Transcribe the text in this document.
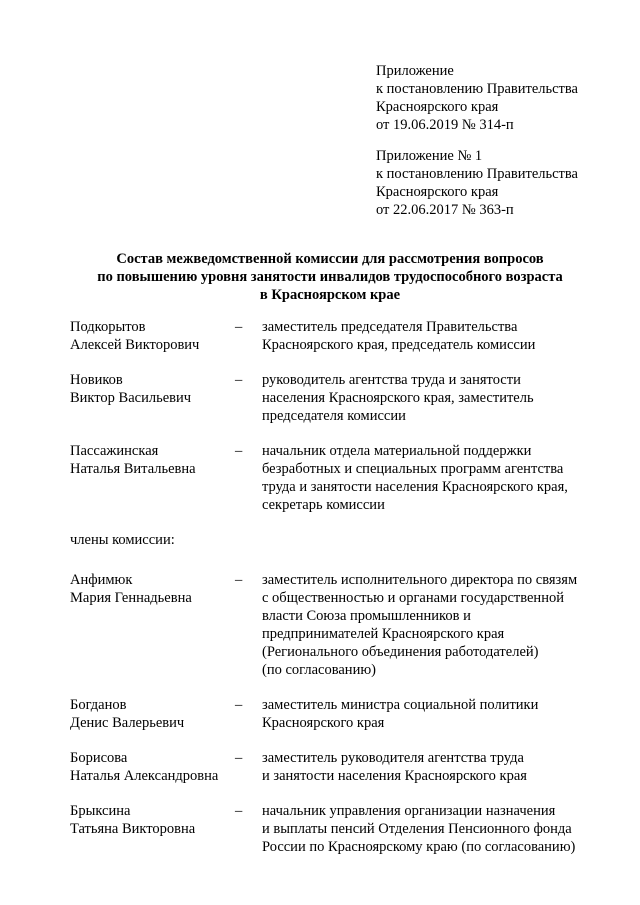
Приложение
к постановлению Правительства
Красноярского края
от 19.06.2019 № 314-п
Приложение № 1
к постановлению Правительства
Красноярского края
от 22.06.2017 № 363-п
Состав межведомственной комиссии для рассмотрения вопросов
по повышению уровня занятости инвалидов трудоспособного возраста
в Красноярском крае
Подкорытов
Алексей Викторович
– заместитель председателя Правительства
Красноярского края, председатель комиссии
Новиков
Виктор Васильевич
– руководитель агентства труда и занятости
населения Красноярского края, заместитель
председателя комиссии
Пассажинская
Наталья Витальевна
– начальник отдела материальной поддержки
безработных и специальных программ агентства
труда и занятости населения Красноярского края,
секретарь комиссии
члены комиссии:
Анфимюк
Мария Геннадьевна
– заместитель исполнительного директора по связям
с общественностью и органами государственной
власти Союза промышленников и
предпринимателей Красноярского края
(Регионального объединения работодателей)
(по согласованию)
Богданов
Денис Валерьевич
– заместитель министра социальной политики
Красноярского края
Борисова
Наталья Александровна
– заместитель руководителя агентства труда
и занятости населения Красноярского края
Брыксина
Татьяна Викторовна
– начальник управления организации назначения
и выплаты пенсий Отделения Пенсионного фонда
России по Красноярскому краю (по согласованию)
